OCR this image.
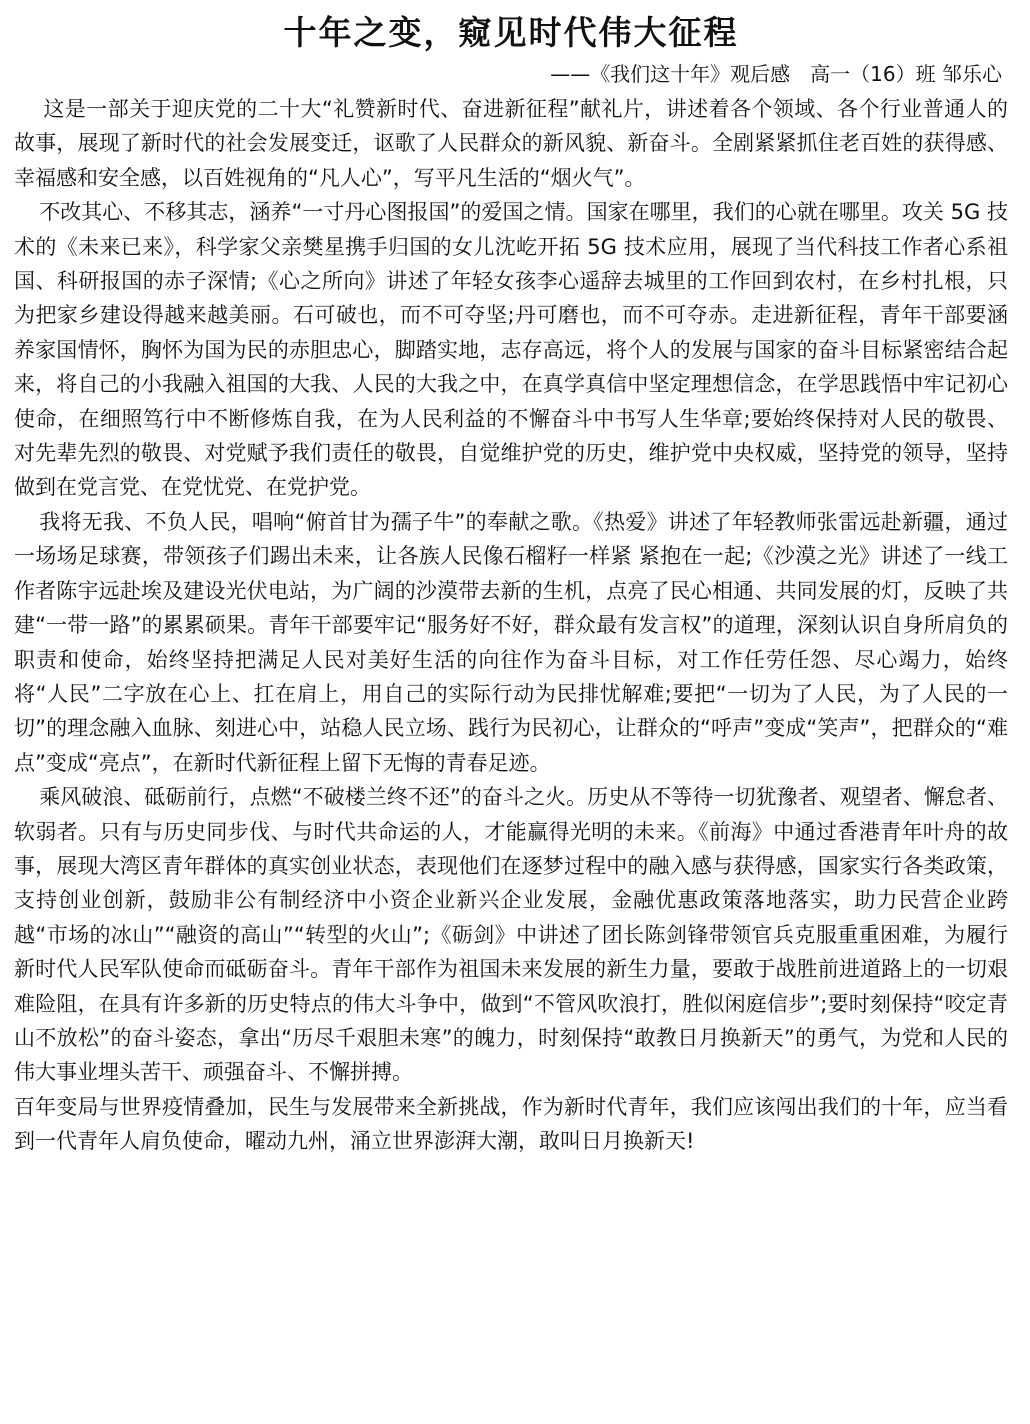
十年之变，窥见时代伟大征程
——《我们这十年》观后感　高一（16）班 邹乐心

这是一部关于迎庆党的二十大“礼赞新时代、奋进新征程”献礼片，讲述着各个领域、各个行业普通人的故事，展现了新时代的社会发展变迁，讴歌了人民群众的新风貌、新奋斗。全剧紧紧抓住老百姓的获得感、幸福感和安全感，以百姓视角的“凡人心”，写平凡生活的“烟火气”。

不改其心、不移其志，涵养“一寸丹心图报国”的爱国之情。国家在哪里，我们的心就在哪里。攻关 5G 技术的《未来已来》，科学家父亲樊星携手归国的女儿沈屹开拓 5G 技术应用，展现了当代科技工作者心系祖国、科研报国的赤子深情;《心之所向》讲述了年轻女孩李心遥辞去城里的工作回到农村，在乡村扎根，只为把家乡建设得越来越美丽。石可破也，而不可夺坚;丹可磨也，而不可夺赤。走进新征程，青年干部要涵养家国情怀，胸怀为国为民的赤胆忠心，脚踏实地，志存高远，将个人的发展与国家的奋斗目标紧密结合起来，将自己的小我融入祖国的大我、人民的大我之中，在真学真信中坚定理想信念，在学思践悟中牢记初心使命，在细照笃行中不断修炼自我，在为人民利益的不懈奋斗中书写人生华章;要始终保持对人民的敬畏、对先辈先烈的敬畏、对党赋予我们责任的敬畏，自觉维护党的历史，维护党中央权威，坚持党的领导，坚持做到在党言党、在党忧党、在党护党。

我将无我、不负人民，唱响“俯首甘为孺子牛”的奉献之歌。《热爱》讲述了年轻教师张雷远赴新疆，通过一场场足球赛，带领孩子们踢出未来，让各族人民像石榴籽一样紧 紧抱在一起;《沙漠之光》讲述了一线工作者陈宇远赴埃及建设光伏电站，为广阔的沙漠带去新的生机，点亮了民心相通、共同发展的灯，反映了共建“一带一路”的累累硕果。青年干部要牢记“服务好不好，群众最有发言权”的道理，深刻认识自身所肩负的职责和使命，始终坚持把满足人民对美好生活的向往作为奋斗目标，对工作任劳任怨、尽心竭力，始终将“人民”二字放在心上、扛在肩上，用自己的实际行动为民排忧解难;要把“一切为了人民，为了人民的一切”的理念融入血脉、刻进心中，站稳人民立场、践行为民初心，让群众的“呼声”变成“笑声”，把群众的“难点”变成“亮点”，在新时代新征程上留下无悔的青春足迹。

乘风破浪、砥砺前行，点燃“不破楼兰终不还”的奋斗之火。历史从不等待一切犹豫者、观望者、懈怠者、软弱者。只有与历史同步伐、与时代共命运的人，才能赢得光明的未来。《前海》中通过香港青年叶舟的故事，展现大湾区青年群体的真实创业状态，表现他们在逐梦过程中的融入感与获得感，国家实行各类政策，支持创业创新，鼓励非公有制经济中小资企业新兴企业发展，金融优惠政策落地落实，助力民营企业跨越“市场的冰山”“融资的高山”“转型的火山”;《砺剑》中讲述了团长陈剑锋带领官兵克服重重困难，为履行新时代人民军队使命而砥砺奋斗。青年干部作为祖国未来发展的新生力量，要敢于战胜前进道路上的一切艰难险阻，在具有许多新的历史特点的伟大斗争中，做到“不管风吹浪打，胜似闲庭信步”;要时刻保持“咬定青山不放松”的奋斗姿态，拿出“历尽千艰胆未寒”的魄力，时刻保持“敢教日月换新天”的勇气，为党和人民的伟大事业埋头苦干、顽强奋斗、不懈拼搏。

百年变局与世界疫情叠加，民生与发展带来全新挑战，作为新时代青年，我们应该闯出我们的十年，应当看到一代青年人肩负使命，曜动九州，涌立世界澎湃大潮，敢叫日月换新天!
